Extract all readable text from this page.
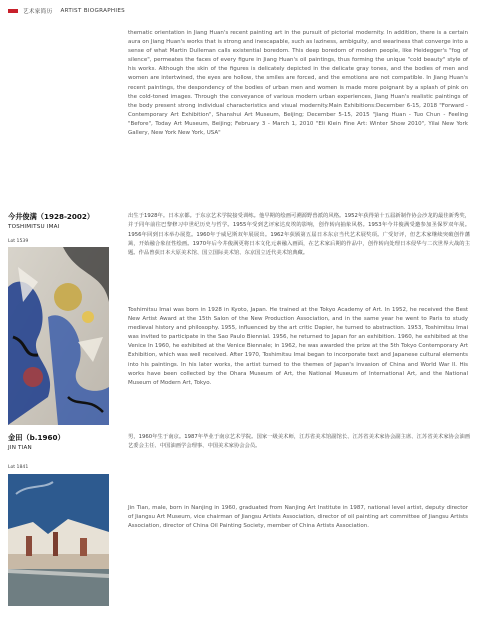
艺术家简历 ARTIST BIOGRAPHIES

thematic orientation in Jiang Huan's recent painting art in the pursuit of pictorial modernity. In addition, there is a certain aura on Jiang Huan's works that is strong and inescapable, such as laziness, ambiguity, and weariness that converge into a sense of what Martin Dulleman calls existential boredom. This deep boredom of modern people, like Heidegger's "fog of silence", permeates the faces of every figure in Jiang Huan's oil paintings, thus forming the unique "cold beauty" style of his works. Although the skin of the figures is delicately depicted in the delicate gray tones, and the bodies of men and women are intertwined, the eyes are hollow, the smiles are forced, and the emotions are not compatible. In Jiang Huan's recent paintings, the despondency of the bodies of urban men and women is made more poignant by a splash of pink on the cold-toned images. Through the conveyance of various modern urban experiences, Jiang Huan's realistic paintings of the body present strong individual characteristics and visual modernity.Main Exhibitions:December 6-15, 2018 "Forward - Contemporary Art Exhibition", Shanshui Art Museum, Beijing; December 5-15, 2015 "Jiang Huan - Tuo Chun - Feeling "Before", Today Art Museum, Beijing; February 3 - March 1, 2010 "Eli Klein Fine Art: Winter Show 2010", Yilai New York Gallery, New York New York, USA"

今井俊满（1928-2002）
TOSHIMITSU IMAI
Lot 1539

出生于1928年。日本京都。于东京艺术学院接受训练。他早期的绘画可溯源野兽派的风格。1952年获得第十五届新制作协会沙龙的最佳新秀奖，并于同年前往巴黎修习中世纪历史与哲学。1955年受到艺评家达皮埃的影响，创作转向抽象风格。1953年今井俊满受邀参加圣保罗双年展。1956年回到日本举办展览。1960年于威尼斯双年展展出。1962年获颁第五届日本东京当代艺术展奖项。广受好评，但艺术家继续突破创作藩篱，开始融合象征性绘画。1970年后今井俊满更将日本文化元素融入画面，在艺术家后期的作品中，创作转向处理日本侵华与二次世界大战的主题。作品曾获日本大原美术馆、国立国际美术馆、东京国立近代美术馆典藏。

Toshimitsu Imai was born in 1928 in Kyoto, Japan. He trained at the Tokyo Academy of Art. In 1952, he received the Best New Artist Award at the 15th Salon of the New Production Association, and in the same year he went to Paris to study medieval history and philosophy. 1955, influenced by the art critic Dapier, he turned to abstraction. 1953, Toshimitsu Imai was invited to participate in the Sao Paulo Biennial. 1956, he returned to Japan for an exhibition. 1960, he exhibited at the Venice In 1960, he exhibited at the Venice Biennale; in 1962, he was awarded the prize at the 5th Tokyo Contemporary Art Exhibition, which was well received. After 1970, Toshimitsu Imai began to incorporate text and Japanese cultural elements into his paintings. In his later works, the artist turned to the themes of Japan's invasion of China and World War II. His works have been collected by the Ohara Museum of Art, the National Museum of International Art, and the National Museum of Modern Art, Tokyo.

金田（b.1960）
JIN TIAN
Lot 1841

男，1960年生于南京。1987年毕业于南京艺术学院。国家一级美术师，江苏省美术馆副馆长、江苏省美术家协会副主席、江苏省美术家协会油画艺委会主任、中国油画学会理事、中国美术家协会会员。

Jin Tian, male, born in Nanjing in 1960, graduated from Nanjing Art Institute in 1987, national level artist, deputy director of Jiangsu Art Museum, vice chairman of Jiangsu Artists Association, director of oil painting art committee of Jiangsu Artists Association, director of China Oil Painting Society, member of China Artists Association.
